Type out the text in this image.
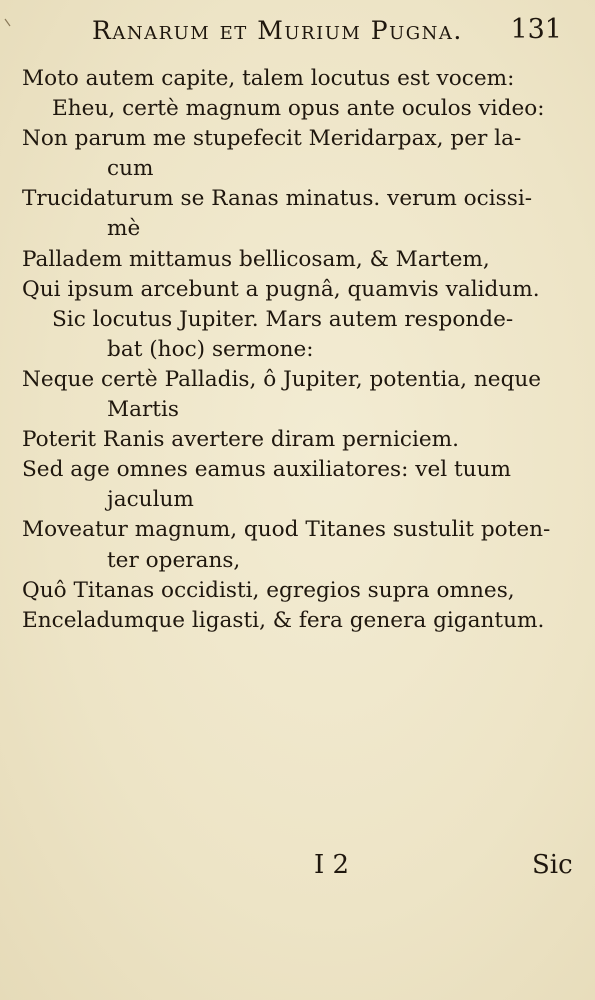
Ranarum et Murium Pugna. 131
Moto autem capite, talem locutus est vocem:
Eheu, certè magnum opus ante oculos video:
Non parum me stupefecit Meridarpax, per la-
cum
Trucidaturum se Ranas minatus. verum ocissi-
mè
Palladem mittamus bellicosam, & Martem,
Qui ipsum arcebunt a pugnâ, quamvis validum.
Sic locutus Jupiter. Mars autem responde-
bat (hoc) sermone:
Neque certè Palladis, ô Jupiter, potentia, neque
Martis
Poterit Ranis avertere diram perniciem.
Sed age omnes eamus auxiliatores: vel tuum
jaculum
Moveatur magnum, quod Titanes sustulit poten-
ter operans,
Quô Titanas occidisti, egregios supra omnes,
Enceladumque ligasti, & fera genera gigantum.
I 2	Sic
